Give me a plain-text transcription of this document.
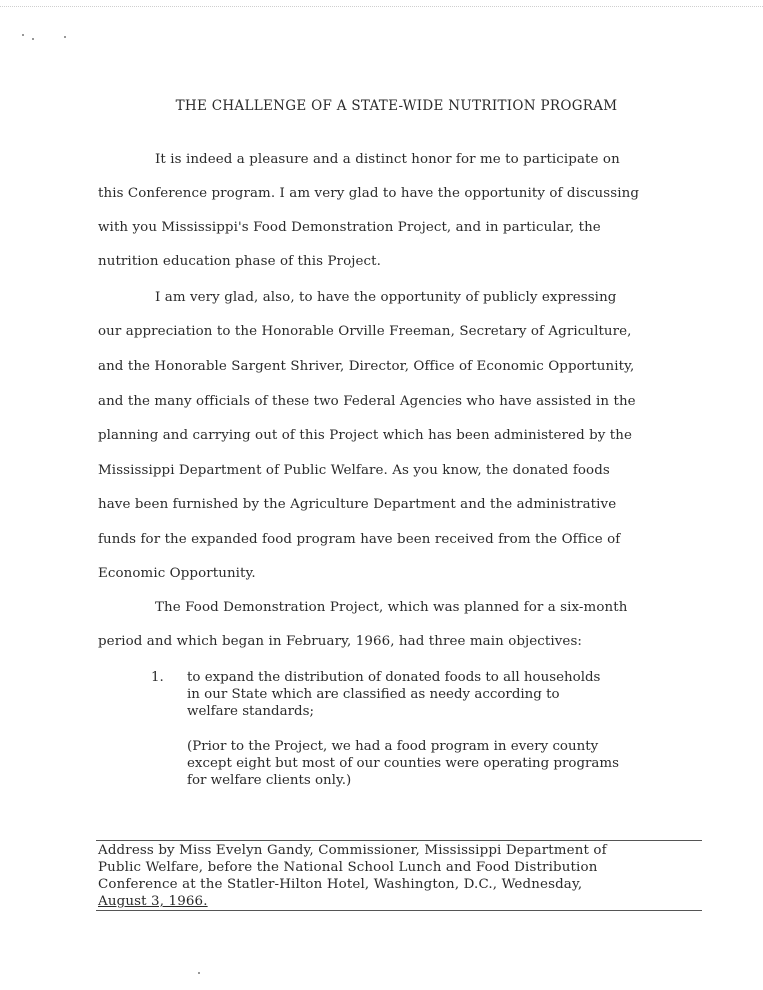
THE CHALLENGE OF A STATE-WIDE NUTRITION PROGRAM
It is indeed a pleasure and a distinct honor for me to participate on
this Conference program. I am very glad to have the opportunity of discussing
with you Mississippi's Food Demonstration Project, and in particular, the
nutrition education phase of this Project.
I am very glad, also, to have the opportunity of publicly expressing
our appreciation to the Honorable Orville Freeman, Secretary of Agriculture,
and the Honorable Sargent Shriver, Director, Office of Economic Opportunity,
and the many officials of these two Federal Agencies who have assisted in the
planning and carrying out of this Project which has been administered by the
Mississippi Department of Public Welfare. As you know, the donated foods
have been furnished by the Agriculture Department and the administrative
funds for the expanded food program have been received from the Office of
Economic Opportunity.
The Food Demonstration Project, which was planned for a six-month
period and which began in February, 1966, had three main objectives:
1. to expand the distribution of donated foods to all households
in our State which are classified as needy according to
welfare standards;
(Prior to the Project, we had a food program in every county
except eight but most of our counties were operating programs
for welfare clients only.)
Address by Miss Evelyn Gandy, Commissioner, Mississippi Department of
Public Welfare, before the National School Lunch and Food Distribution
Conference at the Statler-Hilton Hotel, Washington, D.C., Wednesday,
August 3, 1966.
